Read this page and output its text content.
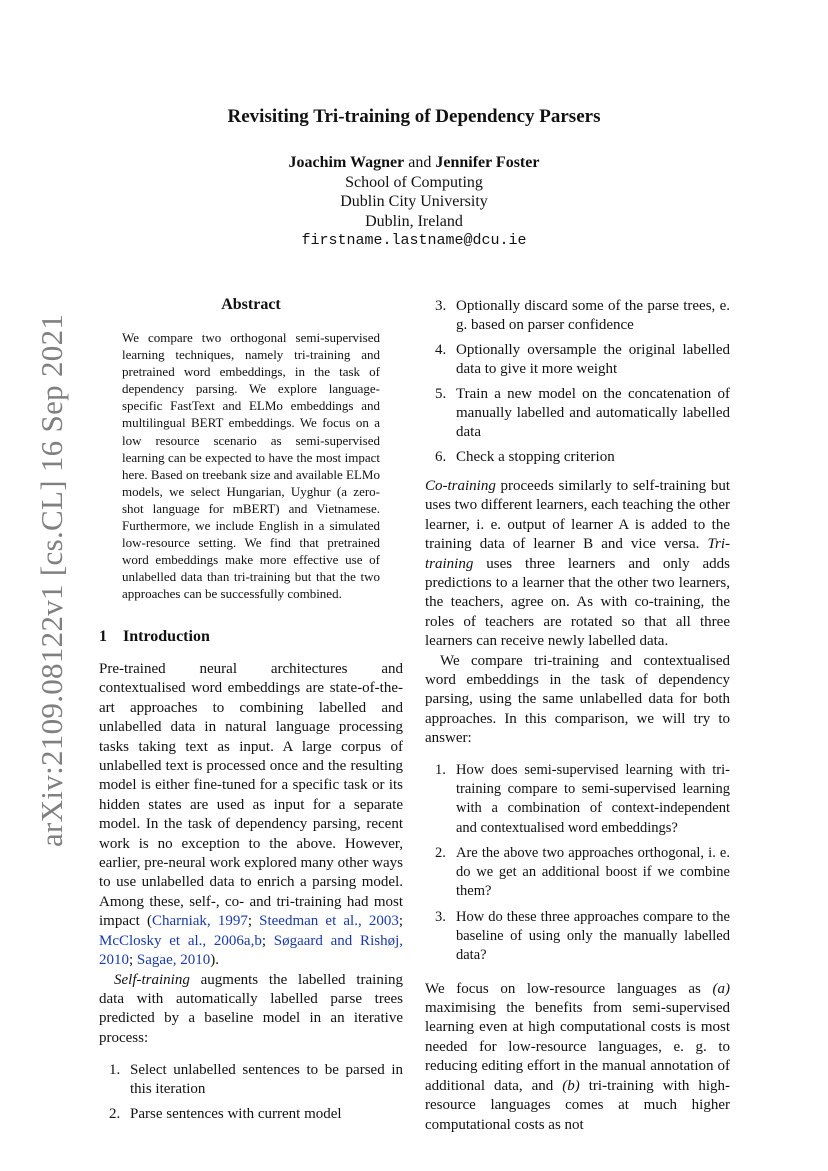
arXiv:2109.08122v1 [cs.CL] 16 Sep 2021
Revisiting Tri-training of Dependency Parsers
Joachim Wagner and Jennifer Foster
School of Computing
Dublin City University
Dublin, Ireland
firstname.lastname@dcu.ie
Abstract
We compare two orthogonal semi-supervised learning techniques, namely tri-training and pretrained word embeddings, in the task of dependency parsing. We explore language-specific FastText and ELMo embeddings and multilingual BERT embeddings. We focus on a low resource scenario as semi-supervised learning can be expected to have the most impact here. Based on treebank size and available ELMo models, we select Hungarian, Uyghur (a zero-shot language for mBERT) and Vietnamese. Furthermore, we include English in a simulated low-resource setting. We find that pretrained word embeddings make more effective use of unlabelled data than tri-training but that the two approaches can be successfully combined.
1 Introduction

Pre-trained neural architectures and contextualised word embeddings are state-of-the-art approaches to combining labelled and unlabelled data in natural language processing tasks taking text as input. A large corpus of unlabelled text is processed once and the resulting model is either fine-tuned for a specific task or its hidden states are used as input for a separate model. In the task of dependency parsing, recent work is no exception to the above. However, earlier, pre-neural work explored many other ways to use unlabelled data to enrich a parsing model. Among these, self-, co- and tri-training had most impact (Charniak, 1997; Steedman et al., 2003; McClosky et al., 2006a,b; Søgaard and Rishøj, 2010; Sagae, 2010).

Self-training augments the labelled training data with automatically labelled parse trees predicted by a baseline model in an iterative process:

1. Select unlabelled sentences to be parsed in this iteration
2. Parse sentences with current model
3. Optionally discard some of the parse trees, e. g. based on parser confidence
4. Optionally oversample the original labelled data to give it more weight
5. Train a new model on the concatenation of manually labelled and automatically labelled data
6. Check a stopping criterion

Co-training proceeds similarly to self-training but uses two different learners, each teaching the other learner, i. e. output of learner A is added to the training data of learner B and vice versa. Tri-training uses three learners and only adds predictions to a learner that the other two learners, the teachers, agree on. As with co-training, the roles of teachers are rotated so that all three learners can receive newly labelled data.

We compare tri-training and contextualised word embeddings in the task of dependency parsing, using the same unlabelled data for both approaches. In this comparison, we will try to answer:

1. How does semi-supervised learning with tri-training compare to semi-supervised learning with a combination of context-independent and contextualised word embeddings?
2. Are the above two approaches orthogonal, i. e. do we get an additional boost if we combine them?
3. How do these three approaches compare to the baseline of using only the manually labelled data?

We focus on low-resource languages as (a) maximising the benefits from semi-supervised learning even at high computational costs is most needed for low-resource languages, e. g. to reducing editing effort in the manual annotation of additional data, and (b) tri-training with high-resource languages comes at much higher computational costs as not
